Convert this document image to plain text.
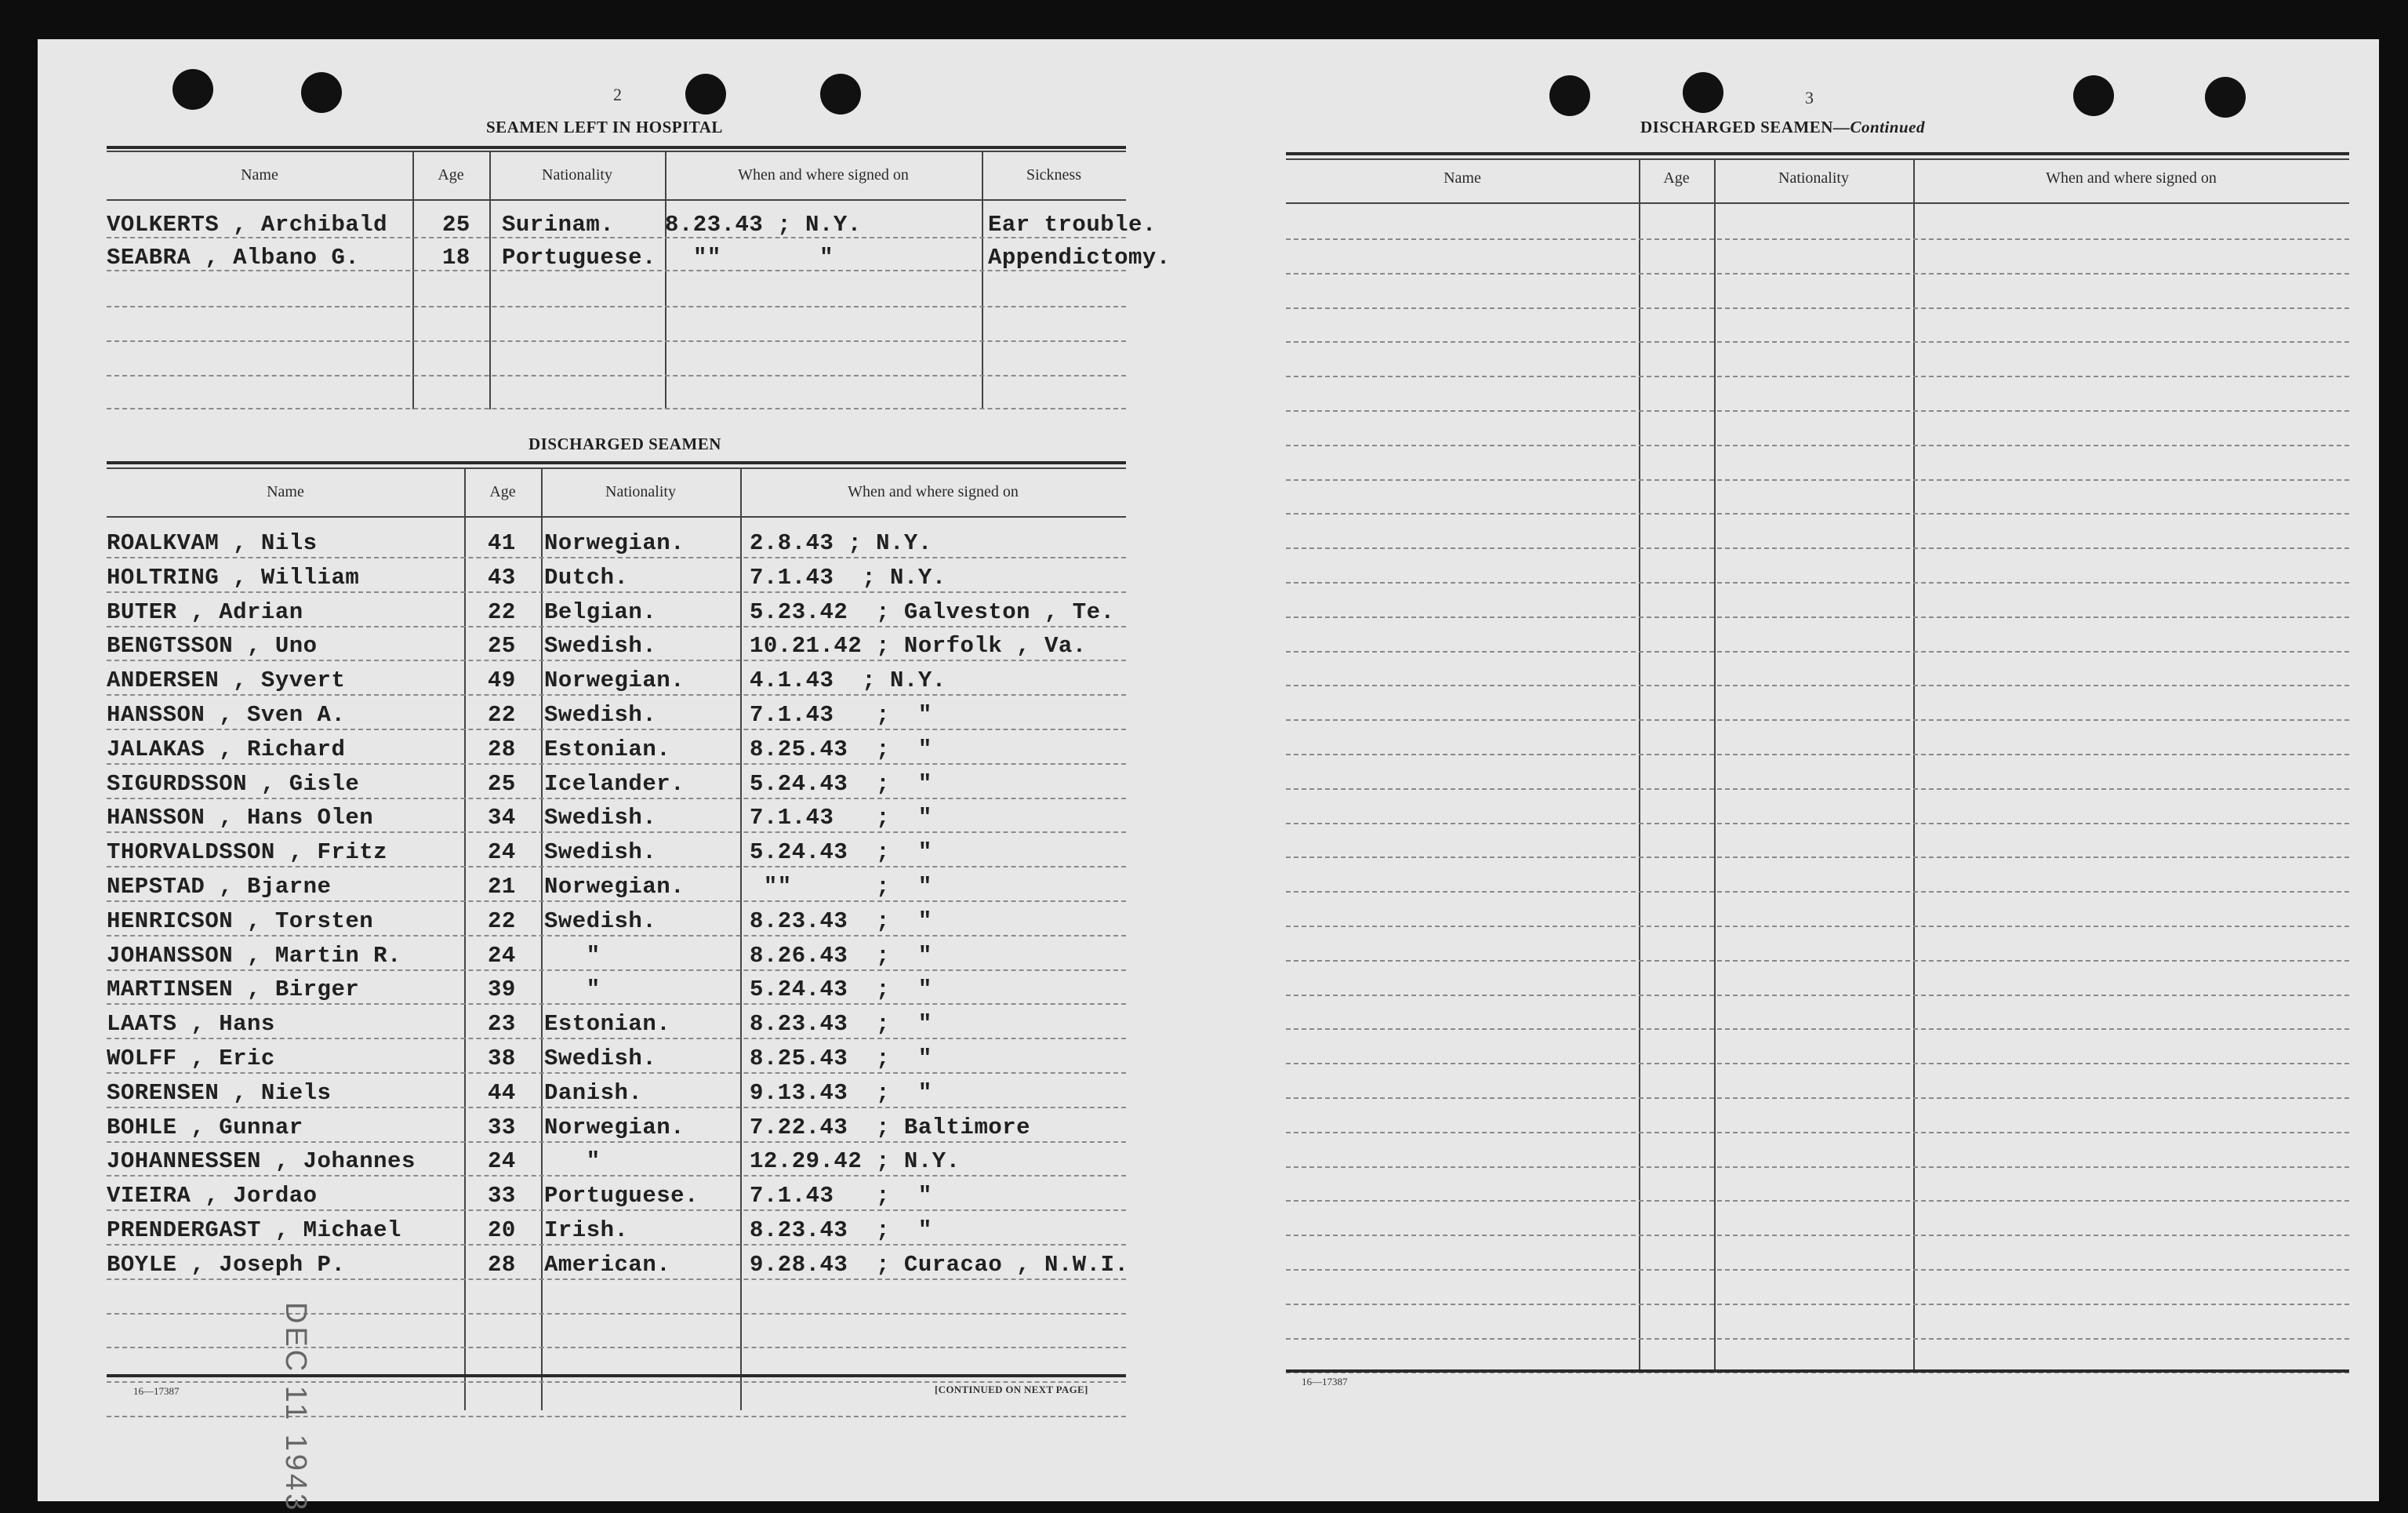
2
SEAMEN LEFT IN HOSPITAL
Name	Age	Nationality	When and where signed on	Sickness
VOLKERTS , Archibald 25 Surinam. 8.23.43 ; N.Y.	Ear trouble.
SEABRA , Albano G.	18 Portuguese. ""       "	Appendictomy.
DISCHARGED SEAMEN
Name	Age	Nationality	When and where signed on
ROALKVAM , Nils	41 Norwegian.	2.8.43 ; N.Y.
HOLTRING , William	43 Dutch.	7.1.43  ; N.Y.
BUTER , Adrian	22 Belgian.	5.23.42  ; Galveston , Te.
BENGTSSON , Uno	25 Swedish.	10.21.42 ; Norfolk , Va.
ANDERSEN , Syvert	49 Norwegian.	4.1.43  ; N.Y.
HANSSON , Sven A.	22 Swedish.	7.1.43   ;  "
JALAKAS , Richard	28 Estonian.	8.25.43  ;  "
SIGURDSSON , Gisle	25 Icelander.	5.24.43  ;  "
HANSSON , Hans Olen	34 Swedish.	7.1.43   ;  "
THORVALDSSON , Fritz	24 Swedish.	5.24.43  ;  "
NEPSTAD , Bjarne	21 Norwegian.	""      ;  "
HENRICSON , Torsten	22 Swedish.	8.23.43  ;  "
JOHANSSON , Martin R.	24 "	8.26.43  ;  "
MARTINSEN , Birger	39 "	5.24.43  ;  "
LAATS , Hans	23 Estonian.	8.23.43  ;  "
WOLFF , Eric	38 Swedish.	8.25.43  ;  "
SORENSEN , Niels	44 Danish.	9.13.43  ;  "
BOHLE , Gunnar	33 Norwegian.	7.22.43  ; Baltimore
JOHANNESSEN , Johannes	24 "	12.29.42 ; N.Y.
VIEIRA , Jordao	33 Portuguese. 7.1.43   ;  "
PRENDERGAST , Michael	20 Irish.	8.23.43  ;  "
BOYLE , Joseph P.	28 American.	9.28.43  ; Curacao , N.W.I.
16—17387	[CONTINUED ON NEXT PAGE]
DEC 11 1943
3
DISCHARGED SEAMEN—Continued
Name	Age	Nationality	When and where signed on
16—17387
